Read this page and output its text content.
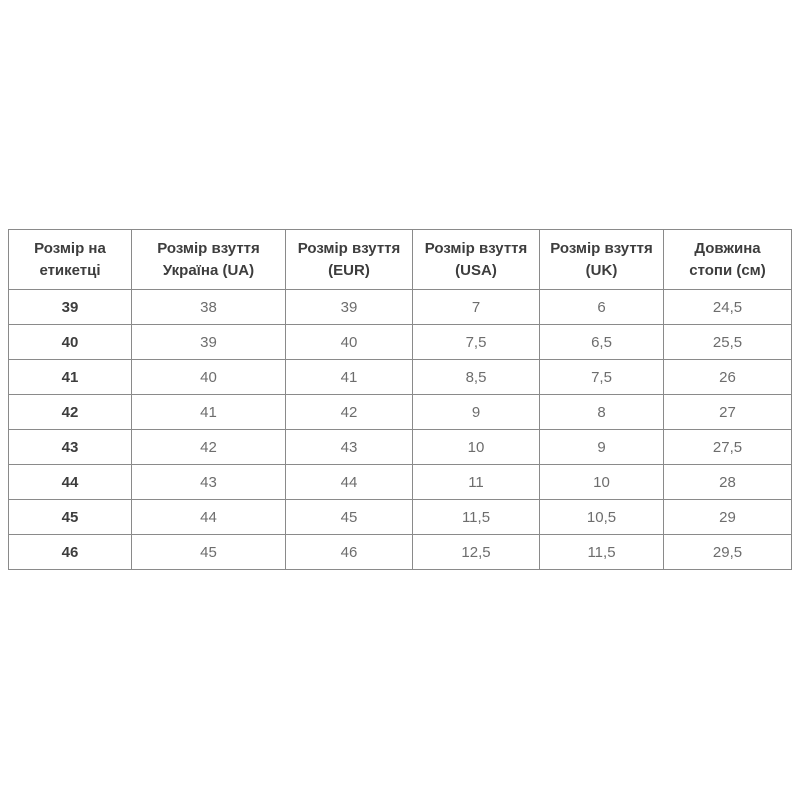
Розмір на етикетці	Розмір взуття Україна (UA)	Розмір взуття (EUR)	Розмір взуття (USA)	Розмір взуття (UK)	Довжина стопи (см)
39	38	39	7	6	24,5
40	39	40	7,5	6,5	25,5
41	40	41	8,5	7,5	26
42	41	42	9	8	27
43	42	43	10	9	27,5
44	43	44	11	10	28
45	44	45	11,5	10,5	29
46	45	46	12,5	11,5	29,5
